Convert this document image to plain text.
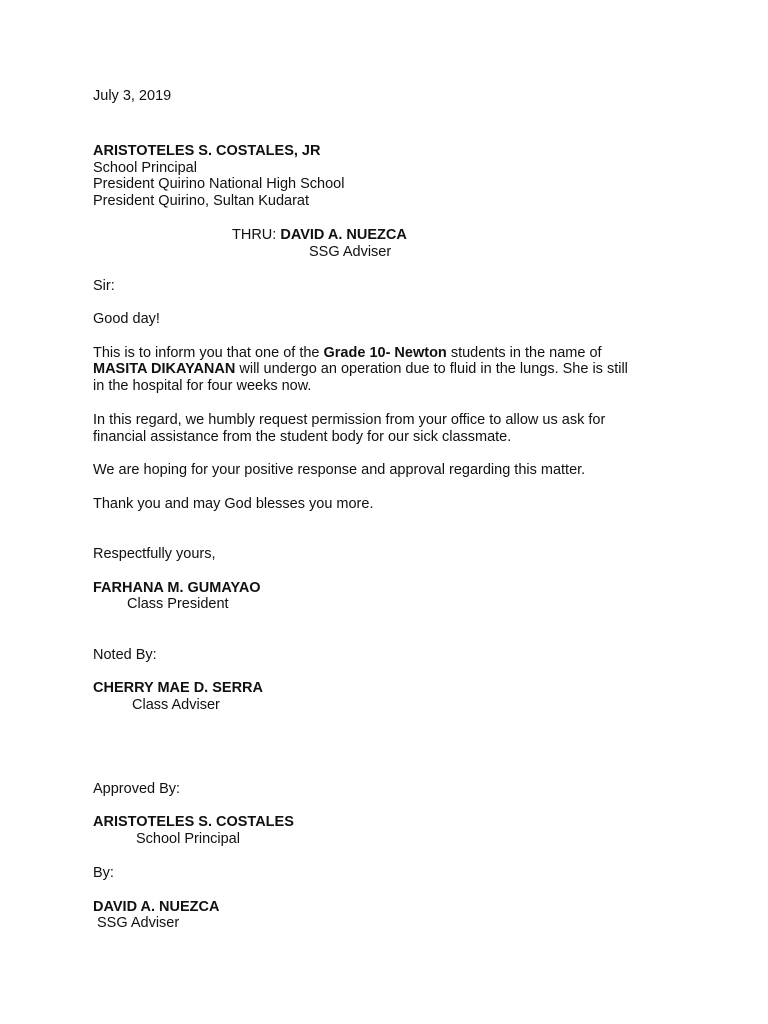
July 3, 2019

ARISTOTELES S. COSTALES, JR

School Principal

President Quirino National High School

President Quirino, Sultan Kudarat

THRU: DAVID A. NUEZCA

SSG Adviser

Sir:

Good day!

This is to inform you that one of the Grade 10- Newton students in the name of

MASITA DIKAYANAN will undergo an operation due to fluid in the lungs. She is still

in the hospital for four weeks now.

In this regard, we humbly request permission from your office to allow us ask for

financial assistance from the student body for our sick classmate.

We are hoping for your positive response and approval regarding this matter.

Thank you and may God blesses you more.

Respectfully yours,

FARHANA M. GUMAYAO

Class President

Noted By:

CHERRY MAE D. SERRA

Class Adviser

Approved By:

ARISTOTELES S. COSTALES

School Principal

By:

DAVID A. NUEZCA

SSG Adviser
